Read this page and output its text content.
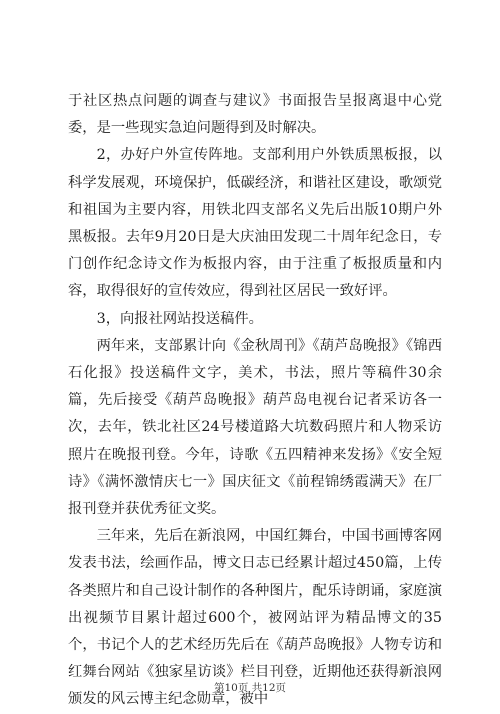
于社区热点问题的调查与建议》书面报告呈报离退中心党委，是一些现实急迫问题得到及时解决。

2，办好户外宣传阵地。支部利用户外铁质黑板报，以科学发展观，环境保护，低碳经济，和谐社区建设，歌颂党和祖国为主要内容，用铁北四支部名义先后出版10期户外黑板报。去年9月20日是大庆油田发现二十周年纪念日，专门创作纪念诗文作为板报内容，由于注重了板报质量和内容，取得很好的宣传效应，得到社区居民一致好评。

3，向报社网站投送稿件。

两年来，支部累计向《金秋周刊》《葫芦岛晚报》《锦西石化报》投送稿件文字，美术，书法，照片等稿件30余篇，先后接受《葫芦岛晚报》葫芦岛电视台记者采访各一次，去年，铁北社区24号楼道路大坑数码照片和人物采访照片在晚报刊登。今年，诗歌《五四精神来发扬》《安全短诗》《满怀激情庆七一》国庆征文《前程锦绣霞满天》在厂报刊登并获优秀征文奖。

三年来，先后在新浪网，中国红舞台，中国书画博客网发表书法，绘画作品，博文日志已经累计超过450篇，上传各类照片和自己设计制作的各种图片，配乐诗朗诵，家庭演出视频节目累计超过600个，被网站评为精品博文的35个，书记个人的艺术经历先后在《葫芦岛晚报》人物专访和红舞台网站《独家星访谈》栏目刊登，近期他还获得新浪网颁发的风云博主纪念勋章，被中

第10页 共12页
